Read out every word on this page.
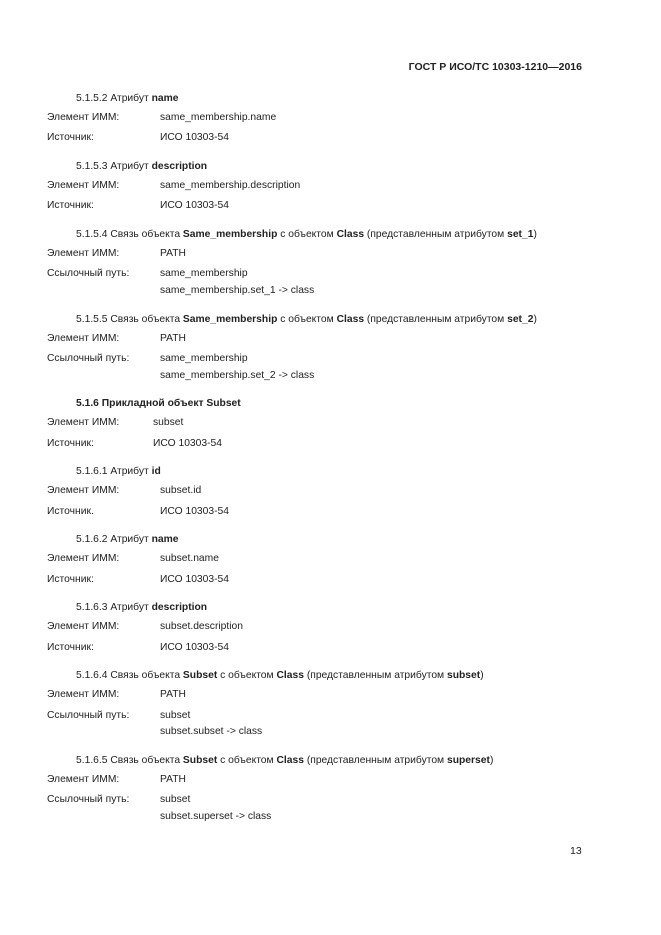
ГОСТ Р ИСО/ТС 10303-1210—2016
5.1.5.2 Атрибут name
Элемент ИММ:	same_membership.name
Источник:	ИСО 10303-54
5.1.5.3 Атрибут description
Элемент ИММ:	same_membership.description
Источник:	ИСО 10303-54
5.1.5.4 Связь объекта Same_membership с объектом Class (представленным атрибутом set_1)
Элемент ИММ:	PATH
Ссылочный путь:	same_membership
same_membership.set_1 -> class
5.1.5.5 Связь объекта Same_membership с объектом Class (представленным атрибутом set_2)
Элемент ИММ:	PATH
Ссылочный путь:	same_membership
same_membership.set_2 -> class
5.1.6 Прикладной объект Subset
Элемент ИММ:	subset
Источник:	ИСО 10303-54
5.1.6.1 Атрибут id
Элемент ИММ:	subset.id
Источник.	ИСО 10303-54
5.1.6.2 Атрибут name
Элемент ИММ:	subset.name
Источник:	ИСО 10303-54
5.1.6.3 Атрибут description
Элемент ИММ:	subset.description
Источник:	ИСО 10303-54
5.1.6.4 Связь объекта Subset с объектом Class (представленным атрибутом subset)
Элемент ИММ:	PATH
Ссылочный путь:	subset
subset.subset -> class
5.1.6.5 Связь объекта Subset с объектом Class (представленным атрибутом superset)
Элемент ИММ:	PATH
Ссылочный путь:	subset
subset.superset -> class
13
